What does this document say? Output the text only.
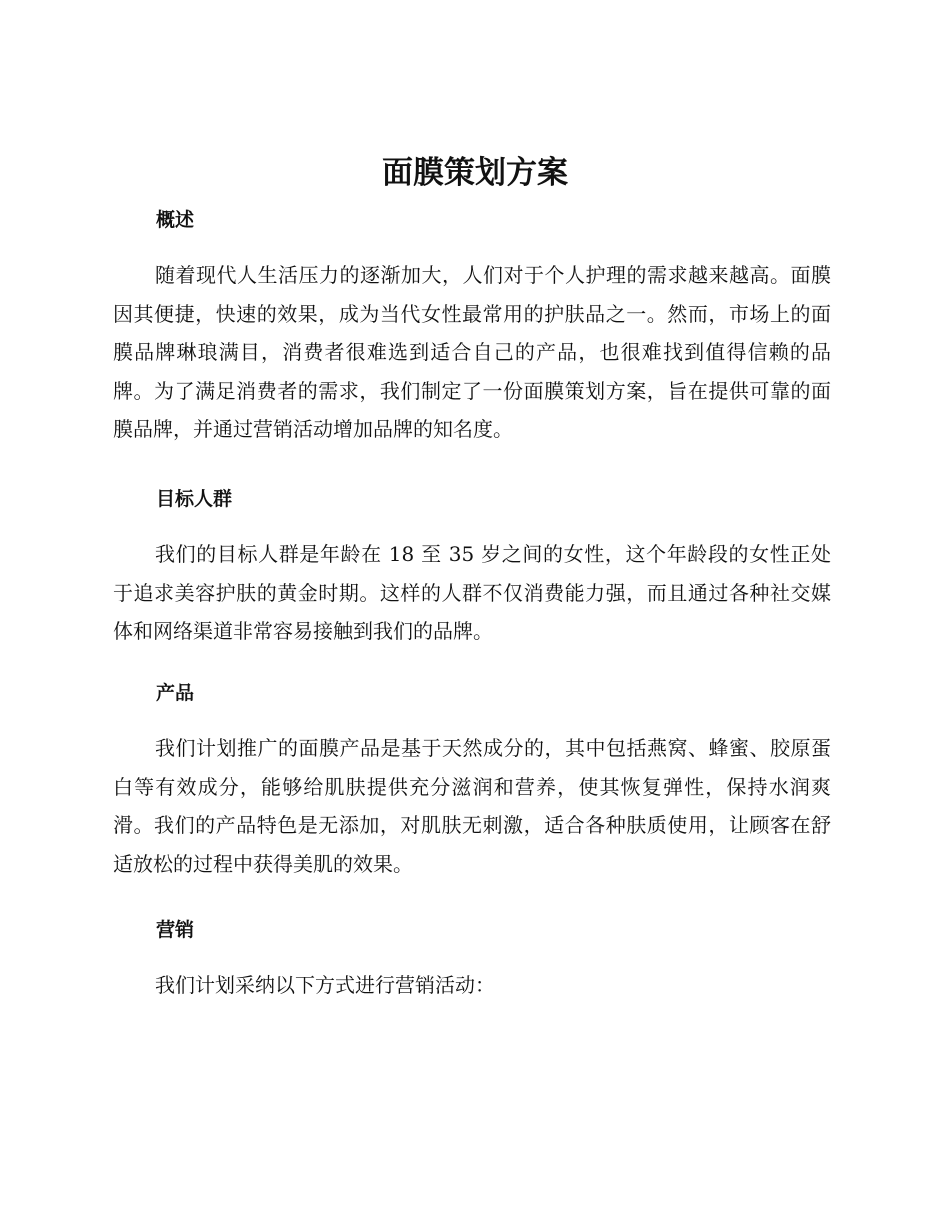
面膜策划方案
概述

随着现代人生活压力的逐渐加大，人们对于个人护理的需求越来越高。面膜因其便捷，快速的效果，成为当代女性最常用的护肤品之一。然而，市场上的面膜品牌琳琅满目，消费者很难选到适合自己的产品，也很难找到值得信赖的品牌。为了满足消费者的需求，我们制定了一份面膜策划方案，旨在提供可靠的面膜品牌，并通过营销活动增加品牌的知名度。

目标人群

我们的目标人群是年龄在 18 至 35 岁之间的女性，这个年龄段的女性正处于追求美容护肤的黄金时期。这样的人群不仅消费能力强，而且通过各种社交媒体和网络渠道非常容易接触到我们的品牌。

产品

我们计划推广的面膜产品是基于天然成分的，其中包括燕窝、蜂蜜、胶原蛋白等有效成分，能够给肌肤提供充分滋润和营养，使其恢复弹性，保持水润爽滑。我们的产品特色是无添加，对肌肤无刺激，适合各种肤质使用，让顾客在舒适放松的过程中获得美肌的效果。

营销

我们计划采纳以下方式进行营销活动：
